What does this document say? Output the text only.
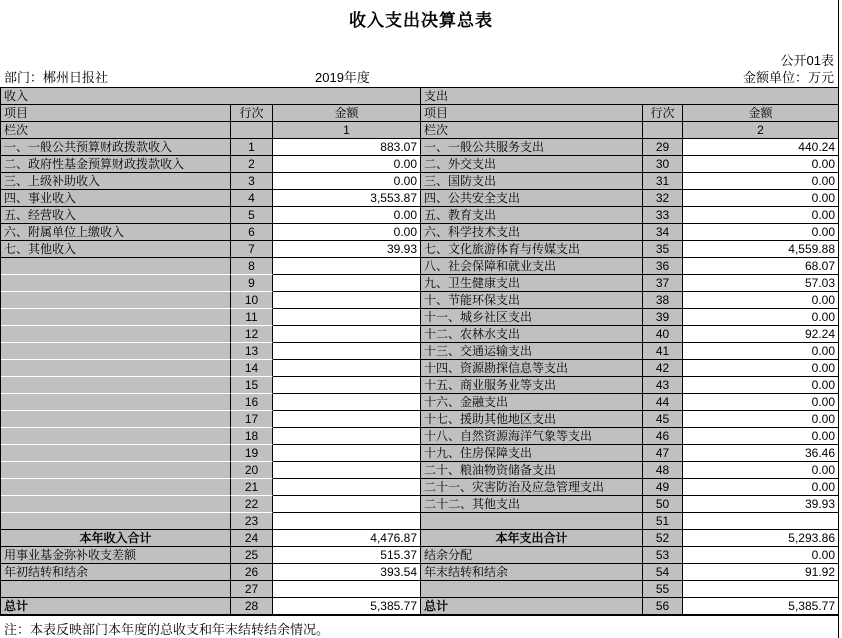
收入支出决算总表
公开01表
部门：郴州日报社	2019年度	金额单位：万元
收入
项目	行次	金额
栏次	1
一、一般公共预算财政拨款收入	1	883.07
二、政府性基金预算财政拨款收入	2	0.00
三、上级补助收入	3	0.00
四、事业收入	4	3,553.87
五、经营收入	5	0.00
六、附属单位上缴收入	6	0.00
七、其他收入	7	39.93
8
9
10
11
12
13
14
15
16
17
18
19
20
21
22
23
本年收入合计	24	4,476.87
用事业基金弥补收支差额	25	515.37
年初结转和结余	26	393.54
27
总计	28	5,385.77
支出
项目	行次	金额
栏次	2
一、一般公共服务支出	29	440.24
二、外交支出	30	0.00
三、国防支出	31	0.00
四、公共安全支出	32	0.00
五、教育支出	33	0.00
六、科学技术支出	34	0.00
七、文化旅游体育与传媒支出	35	4,559.88
八、社会保障和就业支出	36	68.07
九、卫生健康支出	37	57.03
十、节能环保支出	38	0.00
十一、城乡社区支出	39	0.00
十二、农林水支出	40	92.24
十三、交通运输支出	41	0.00
十四、资源勘探信息等支出	42	0.00
十五、商业服务业等支出	43	0.00
十六、金融支出	44	0.00
十七、援助其他地区支出	45	0.00
十八、自然资源海洋气象等支出	46	0.00
十九、住房保障支出	47	36.46
二十、粮油物资储备支出	48	0.00
二十一、灾害防治及应急管理支出	49	0.00
二十二、其他支出	50	39.93
51
本年支出合计	52	5,293.86
结余分配	53	0.00
年末结转和结余	54	91.92
55
总计	56	5,385.77
注：本表反映部门本年度的总收支和年末结转结余情况。
